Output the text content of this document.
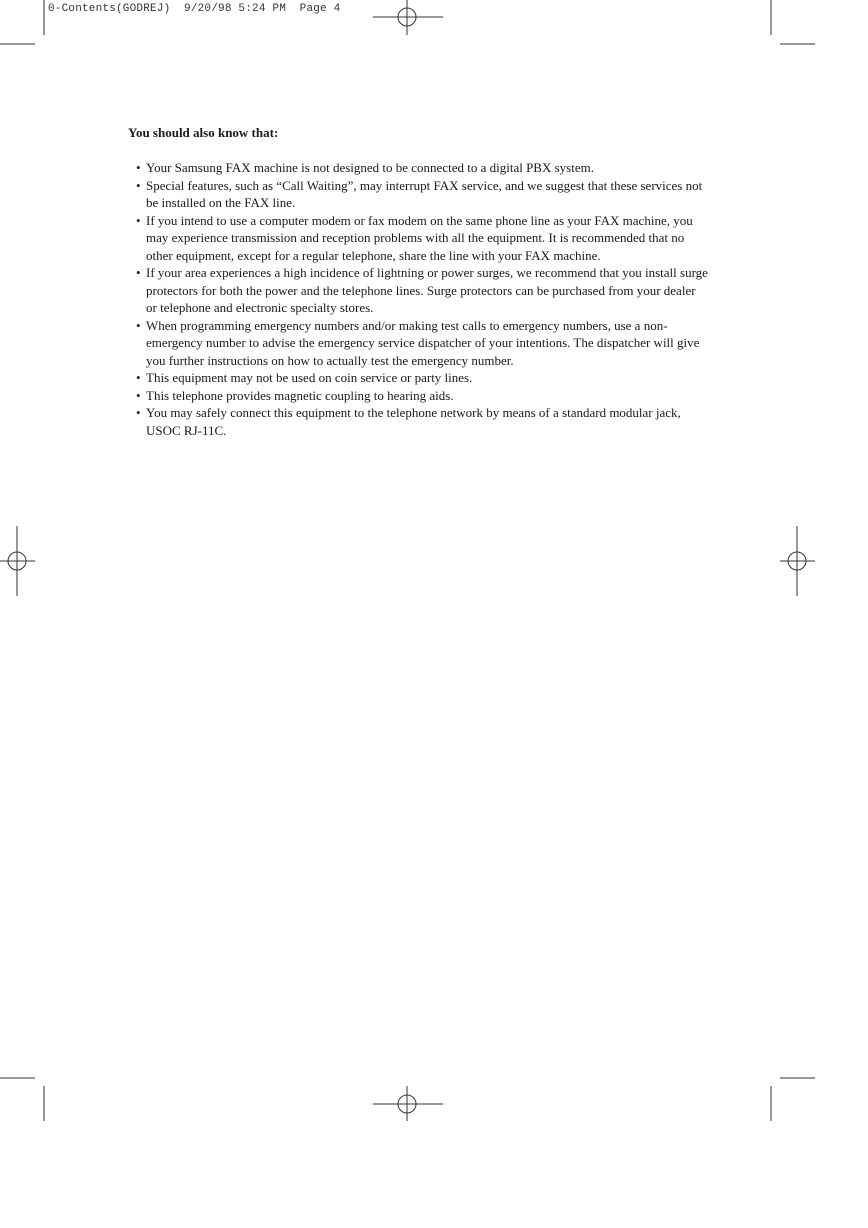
0-Contents(GODREJ)  9/20/98 5:24 PM  Page 4

You should also know that:

• Your Samsung FAX machine is not designed to be connected to a digital PBX system.
• Special features, such as “Call Waiting”, may interrupt FAX service, and we suggest that these services not be installed on the FAX line.
• If you intend to use a computer modem or fax modem on the same phone line as your FAX machine, you may experience transmission and reception problems with all the equipment. It is recommended that no other equipment, except for a regular telephone, share the line with your FAX machine.
• If your area experiences a high incidence of lightning or power surges, we recommend that you install surge protectors for both the power and the telephone lines. Surge protectors can be purchased from your dealer or telephone and electronic specialty stores.
• When programming emergency numbers and/or making test calls to emergency numbers, use a non-emergency number to advise the emergency service dispatcher of your intentions. The dispatcher will give you further instructions on how to actually test the emergency number.
• This equipment may not be used on coin service or party lines.
• This telephone provides magnetic coupling to hearing aids.
• You may safely connect this equipment to the telephone network by means of a standard modular jack, USOC RJ-11C.
